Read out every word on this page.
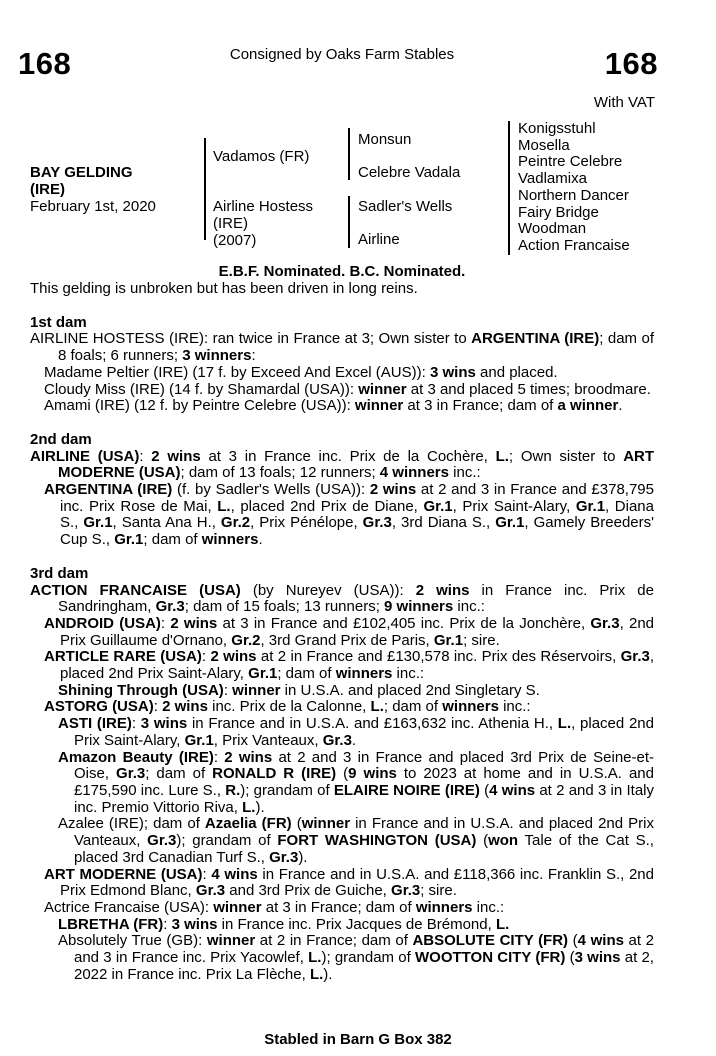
168	Consigned by Oaks Farm Stables	168
With VAT
BAY GELDING
(IRE)
February 1st, 2020
Vadamos (FR)
Airline Hostess
(IRE)
(2007)
Monsun
Celebre Vadala
Sadler's Wells
Airline
Konigsstuhl
Mosella
Peintre Celebre
Vadlamixa
Northern Dancer
Fairy Bridge
Woodman
Action Francaise
E.B.F. Nominated. B.C. Nominated.

This gelding is unbroken but has been driven in long reins.

1st dam

AIRLINE HOSTESS (IRE): ran twice in France at 3; Own sister to ARGENTINA (IRE); dam of 8 foals; 6 runners; 3 winners:

Madame Peltier (IRE) (17 f. by Exceed And Excel (AUS)): 3 wins and placed.

Cloudy Miss (IRE) (14 f. by Shamardal (USA)): winner at 3 and placed 5 times; broodmare.

Amami (IRE) (12 f. by Peintre Celebre (USA)): winner at 3 in France; dam of a winner.

2nd dam

AIRLINE (USA): 2 wins at 3 in France inc. Prix de la Cochère, L.; Own sister to ART MODERNE (USA); dam of 13 foals; 12 runners; 4 winners inc.:

ARGENTINA (IRE) (f. by Sadler's Wells (USA)): 2 wins at 2 and 3 in France and £378,795 inc. Prix Rose de Mai, L., placed 2nd Prix de Diane, Gr.1, Prix Saint-Alary, Gr.1, Diana S., Gr.1, Santa Ana H., Gr.2, Prix Pénélope, Gr.3, 3rd Diana S., Gr.1, Gamely Breeders' Cup S., Gr.1; dam of winners.

3rd dam

ACTION FRANCAISE (USA) (by Nureyev (USA)): 2 wins in France inc. Prix de Sandringham, Gr.3; dam of 15 foals; 13 runners; 9 winners inc.:

ANDROID (USA): 2 wins at 3 in France and £102,405 inc. Prix de la Jonchère, Gr.3, 2nd Prix Guillaume d'Ornano, Gr.2, 3rd Grand Prix de Paris, Gr.1; sire.

ARTICLE RARE (USA): 2 wins at 2 in France and £130,578 inc. Prix des Réservoirs, Gr.3, placed 2nd Prix Saint-Alary, Gr.1; dam of winners inc.:

Shining Through (USA): winner in U.S.A. and placed 2nd Singletary S.

ASTORG (USA): 2 wins inc. Prix de la Calonne, L.; dam of winners inc.:

ASTI (IRE): 3 wins in France and in U.S.A. and £163,632 inc. Athenia H., L., placed 2nd Prix Saint-Alary, Gr.1, Prix Vanteaux, Gr.3.

Amazon Beauty (IRE): 2 wins at 2 and 3 in France and placed 3rd Prix de Seine-et-Oise, Gr.3; dam of RONALD R (IRE) (9 wins to 2023 at home and in U.S.A. and £175,590 inc. Lure S., R.); grandam of ELAIRE NOIRE (IRE) (4 wins at 2 and 3 in Italy inc. Premio Vittorio Riva, L.).

Azalee (IRE); dam of Azaelia (FR) (winner in France and in U.S.A. and placed 2nd Prix Vanteaux, Gr.3); grandam of FORT WASHINGTON (USA) (won Tale of the Cat S., placed 3rd Canadian Turf S., Gr.3).

ART MODERNE (USA): 4 wins in France and in U.S.A. and £118,366 inc. Franklin S., 2nd Prix Edmond Blanc, Gr.3 and 3rd Prix de Guiche, Gr.3; sire.

Actrice Francaise (USA): winner at 3 in France; dam of winners inc.:

LBRETHA (FR): 3 wins in France inc. Prix Jacques de Brémond, L.

Absolutely True (GB): winner at 2 in France; dam of ABSOLUTE CITY (FR) (4 wins at 2 and 3 in France inc. Prix Yacowlef, L.); grandam of WOOTTON CITY (FR) (3 wins at 2, 2022 in France inc. Prix La Flèche, L.).

Stabled in Barn G Box 382
